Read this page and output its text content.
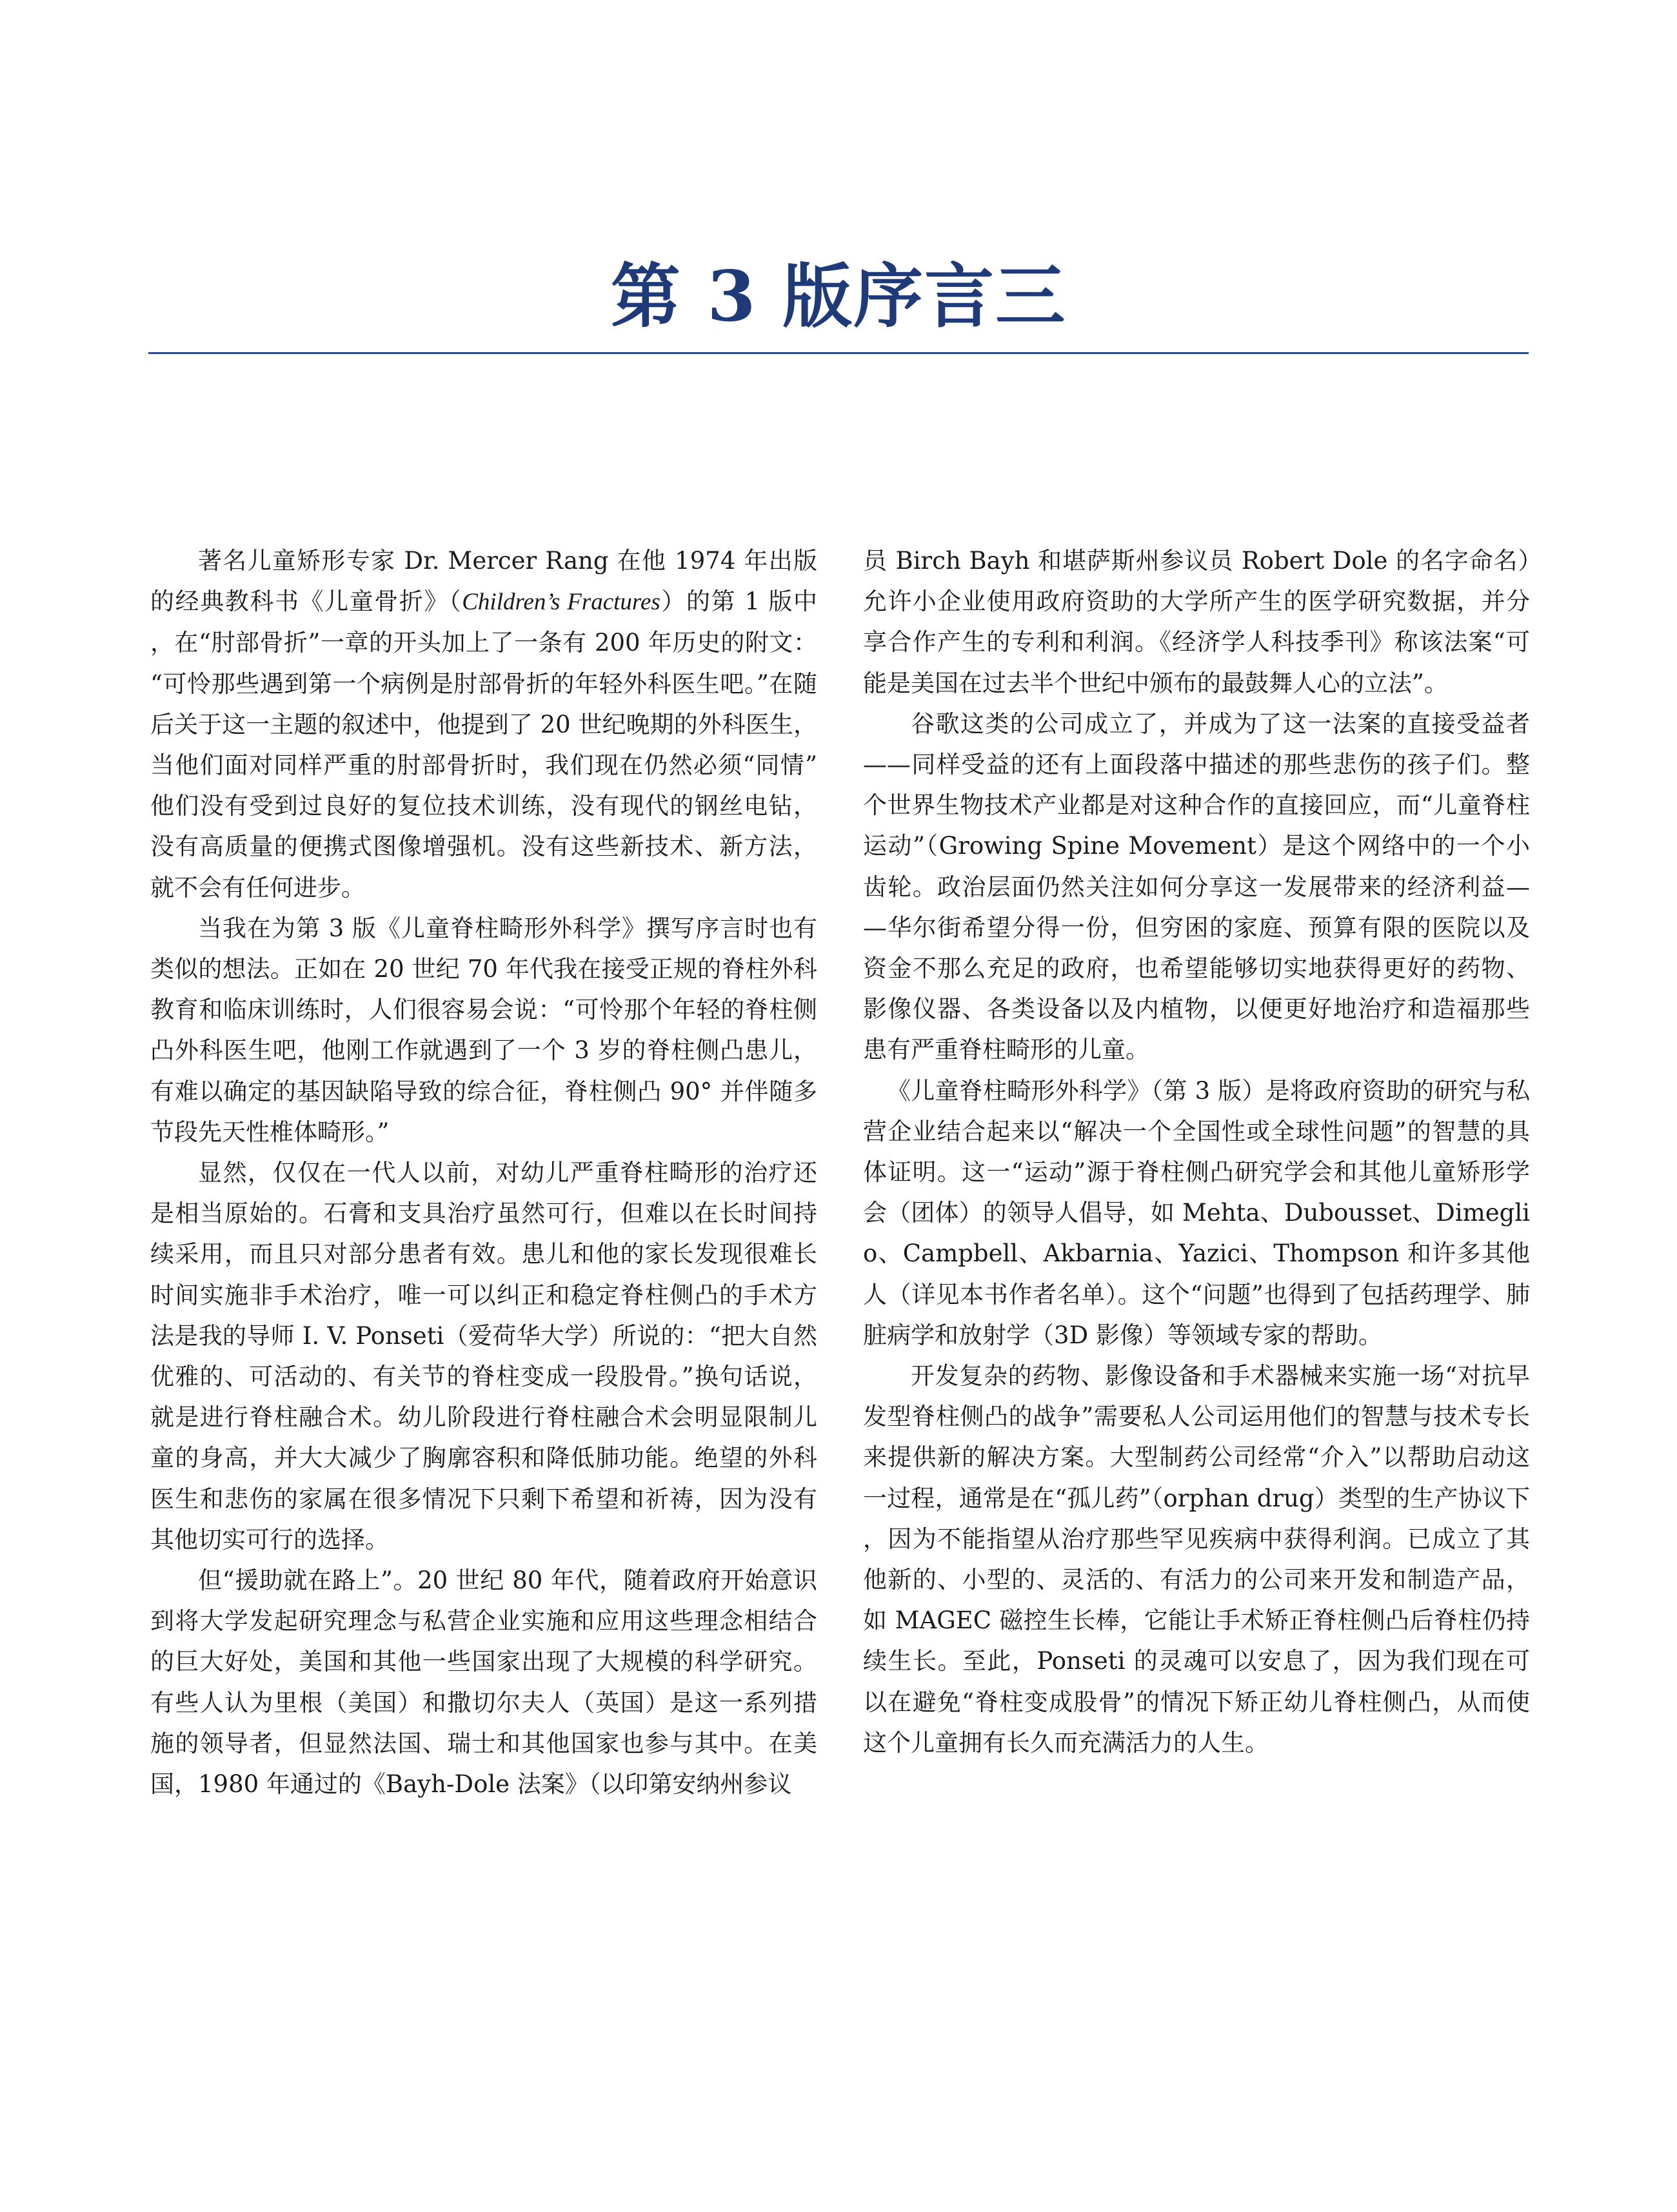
第 3 版序言三

著名儿童矫形专家 Dr. Mercer Rang 在他 1974 年出版的经典教科书《儿童骨折》（Children’s Fractures）的第 1 版中，在“肘部骨折”一章的开头加上了一条有 200 年历史的附文：“可怜那些遇到第一个病例是肘部骨折的年轻外科医生吧。”在随后关于这一主题的叙述中，他提到了 20 世纪晚期的外科医生，当他们面对同样严重的肘部骨折时，我们现在仍然必须“同情”他们没有受到过良好的复位技术训练，没有现代的钢丝电钻，没有高质量的便携式图像增强机。没有这些新技术、新方法，就不会有任何进步。

当我在为第 3 版《儿童脊柱畸形外科学》撰写序言时也有类似的想法。正如在 20 世纪 70 年代我在接受正规的脊柱外科教育和临床训练时，人们很容易会说：“可怜那个年轻的脊柱侧凸外科医生吧，他刚工作就遇到了一个 3 岁的脊柱侧凸患儿，有难以确定的基因缺陷导致的综合征，脊柱侧凸 90° 并伴随多节段先天性椎体畸形。”

显然，仅仅在一代人以前，对幼儿严重脊柱畸形的治疗还是相当原始的。石膏和支具治疗虽然可行，但难以在长时间持续采用，而且只对部分患者有效。患儿和他的家长发现很难长时间实施非手术治疗，唯一可以纠正和稳定脊柱侧凸的手术方法是我的导师 I. V. Ponseti（爱荷华大学）所说的：“把大自然优雅的、可活动的、有关节的脊柱变成一段股骨。”换句话说，就是进行脊柱融合术。幼儿阶段进行脊柱融合术会明显限制儿童的身高，并大大减少了胸廓容积和降低肺功能。绝望的外科医生和悲伤的家属在很多情况下只剩下希望和祈祷，因为没有其他切实可行的选择。

但“援助就在路上”。20 世纪 80 年代，随着政府开始意识到将大学发起研究理念与私营企业实施和应用这些理念相结合的巨大好处，美国和其他一些国家出现了大规模的科学研究。有些人认为里根（美国）和撒切尔夫人（英国）是这一系列措施的领导者，但显然法国、瑞士和其他国家也参与其中。在美国，1980 年通过的《Bayh-Dole 法案》（以印第安纳州参议

员 Birch Bayh 和堪萨斯州参议员 Robert Dole 的名字命名）允许小企业使用政府资助的大学所产生的医学研究数据，并分享合作产生的专利和利润。《经济学人科技季刊》称该法案“可能是美国在过去半个世纪中颁布的最鼓舞人心的立法”。

谷歌这类的公司成立了，并成为了这一法案的直接受益者——同样受益的还有上面段落中描述的那些悲伤的孩子们。整个世界生物技术产业都是对这种合作的直接回应，而“儿童脊柱运动”（Growing Spine Movement）是这个网络中的一个小齿轮。政治层面仍然关注如何分享这一发展带来的经济利益——华尔街希望分得一份，但穷困的家庭、预算有限的医院以及资金不那么充足的政府，也希望能够切实地获得更好的药物、影像仪器、各类设备以及内植物，以便更好地治疗和造福那些患有严重脊柱畸形的儿童。

《儿童脊柱畸形外科学》（第 3 版）是将政府资助的研究与私营企业结合起来以“解决一个全国性或全球性问题”的智慧的具体证明。这一“运动”源于脊柱侧凸研究学会和其他儿童矫形学会（团体）的领导人倡导，如 Mehta、Dubousset、Dimeglio、Campbell、Akbarnia、Yazici、Thompson 和许多其他人（详见本书作者名单）。这个“问题”也得到了包括药理学、肺脏病学和放射学（3D 影像）等领域专家的帮助。

开发复杂的药物、影像设备和手术器械来实施一场“对抗早发型脊柱侧凸的战争”需要私人公司运用他们的智慧与技术专长来提供新的解决方案。大型制药公司经常“介入”以帮助启动这一过程，通常是在“孤儿药”（orphan drug）类型的生产协议下，因为不能指望从治疗那些罕见疾病中获得利润。已成立了其他新的、小型的、灵活的、有活力的公司来开发和制造产品，如 MAGEC 磁控生长棒，它能让手术矫正脊柱侧凸后脊柱仍持续生长。至此，Ponseti 的灵魂可以安息了，因为我们现在可以在避免“脊柱变成股骨”的情况下矫正幼儿脊柱侧凸，从而使这个儿童拥有长久而充满活力的人生。
